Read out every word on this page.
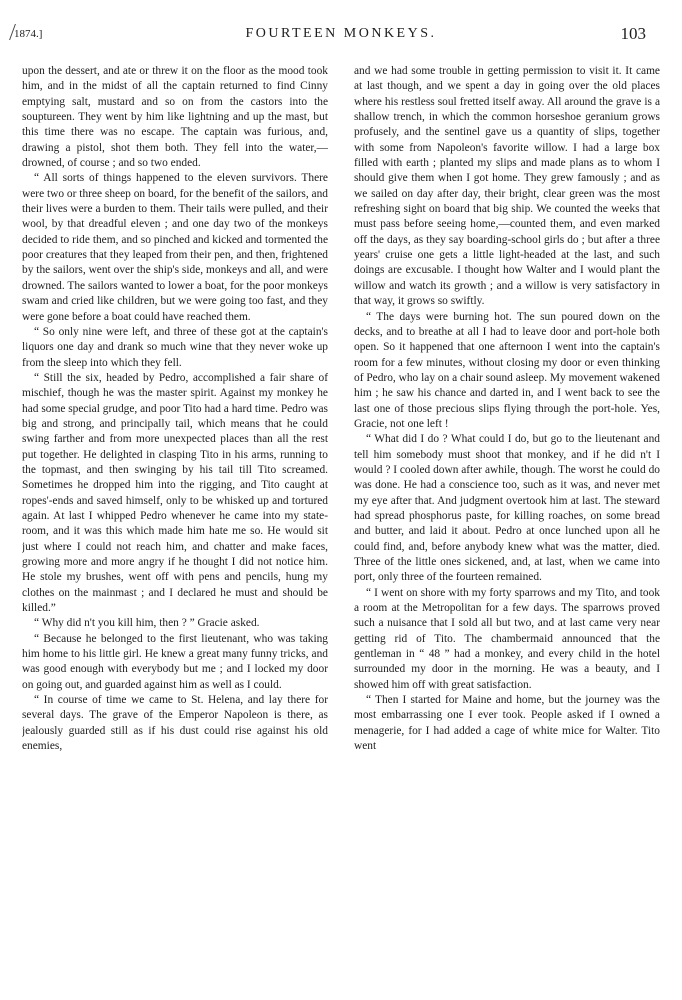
1874.]	FOURTEEN MONKEYS.	103

upon the dessert, and ate or threw it on the floor as the mood took him, and in the midst of all the captain returned to find Cinny emptying salt, mustard and so on from the castors into the souptureen. They went by him like lightning and up the mast, but this time there was no escape. The captain was furious, and, drawing a pistol, shot them both. They fell into the water,—drowned, of course ; and so two ended.

“ All sorts of things happened to the eleven survivors. There were two or three sheep on board, for the benefit of the sailors, and their lives were a burden to them. Their tails were pulled, and their wool, by that dreadful eleven ; and one day two of the monkeys decided to ride them, and so pinched and kicked and tormented the poor creatures that they leaped from their pen, and then, frightened by the sailors, went over the ship's side, monkeys and all, and were drowned. The sailors wanted to lower a boat, for the poor monkeys swam and cried like children, but we were going too fast, and they were gone before a boat could have reached them.

“ So only nine were left, and three of these got at the captain's liquors one day and drank so much wine that they never woke up from the sleep into which they fell.

“ Still the six, headed by Pedro, accomplished a fair share of mischief, though he was the master spirit. Against my monkey he had some special grudge, and poor Tito had a hard time. Pedro was big and strong, and principally tail, which means that he could swing farther and from more unexpected places than all the rest put together. He delighted in clasping Tito in his arms, running to the topmast, and then swinging by his tail till Tito screamed. Sometimes he dropped him into the rigging, and Tito caught at ropes'-ends and saved himself, only to be whisked up and tortured again. At last I whipped Pedro whenever he came into my state-room, and it was this which made him hate me so. He would sit just where I could not reach him, and chatter and make faces, growing more and more angry if he thought I did not notice him. He stole my brushes, went off with pens and pencils, hung my clothes on the mainmast ; and I declared he must and should be killed.”

“ Why did n't you kill him, then ? ” Gracie asked.

“ Because he belonged to the first lieutenant, who was taking him home to his little girl. He knew a great many funny tricks, and was good enough with everybody but me ; and I locked my door on going out, and guarded against him as well as I could.

“ In course of time we came to St. Helena, and lay there for several days. The grave of the Emperor Napoleon is there, as jealously guarded still as if his dust could rise against his old enemies,

and we had some trouble in getting permission to visit it. It came at last though, and we spent a day in going over the old places where his restless soul fretted itself away. All around the grave is a shallow trench, in which the common horseshoe geranium grows profusely, and the sentinel gave us a quantity of slips, together with some from Napoleon's favorite willow. I had a large box filled with earth ; planted my slips and made plans as to whom I should give them when I got home. They grew famously ; and as we sailed on day after day, their bright, clear green was the most refreshing sight on board that big ship. We counted the weeks that must pass before seeing home,—counted them, and even marked off the days, as they say boarding-school girls do ; but after a three years' cruise one gets a little light-headed at the last, and such doings are excusable. I thought how Walter and I would plant the willow and watch its growth ; and a willow is very satisfactory in that way, it grows so swiftly.

“ The days were burning hot. The sun poured down on the decks, and to breathe at all I had to leave door and port-hole both open. So it happened that one afternoon I went into the captain's room for a few minutes, without closing my door or even thinking of Pedro, who lay on a chair sound asleep. My movement wakened him ; he saw his chance and darted in, and I went back to see the last one of those precious slips flying through the port-hole. Yes, Gracie, not one left !

“ What did I do ? What could I do, but go to the lieutenant and tell him somebody must shoot that monkey, and if he did n't I would ? I cooled down after awhile, though. The worst he could do was done. He had a conscience too, such as it was, and never met my eye after that. And judgment overtook him at last. The steward had spread phosphorus paste, for killing roaches, on some bread and butter, and laid it about. Pedro at once lunched upon all he could find, and, before anybody knew what was the matter, died. Three of the little ones sickened, and, at last, when we came into port, only three of the fourteen remained.

“ I went on shore with my forty sparrows and my Tito, and took a room at the Metropolitan for a few days. The sparrows proved such a nuisance that I sold all but two, and at last came very near getting rid of Tito. The chambermaid announced that the gentleman in “ 48 ” had a monkey, and every child in the hotel surrounded my door in the morning. He was a beauty, and I showed him off with great satisfaction.

“ Then I started for Maine and home, but the journey was the most embarrassing one I ever took. People asked if I owned a menagerie, for I had added a cage of white mice for Walter. Tito went
